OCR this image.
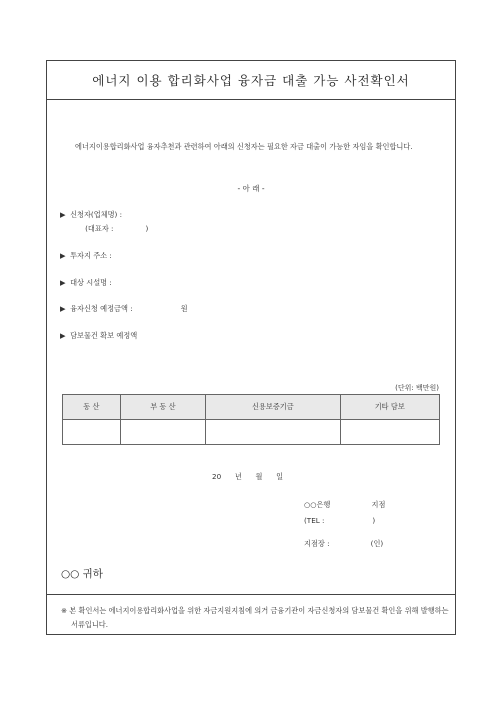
에너지 이용 합리화사업 융자금 대출 가능 사전확인서
에너지이용합리화사업 융자추천과 관련하여 아래의 신청자는 필요한 자금 대출이 가능한 자임을 확인합니다.
- 아 래 -
▶  신청자(업체명) :
(대표자 :              )
▶  투자지 주소 :
▶  대상 시설명 :
▶  융자신청 예정금액 :                     원
▶  담보물건 확보 예정액
(단위: 백만원)
동 산	부 동 산	신용보증기금	기타 담보

20      년      월      일
○○은행                  지점
(TEL :                     )
지점장 :                  (인)
○○ 귀하
※ 본 확인서는 에너지이용합리화사업을 위한 자금지원지침에 의거 금융기관이 자금신청자의 담보물건 확인을 위해 발행하는 서류입니다.
